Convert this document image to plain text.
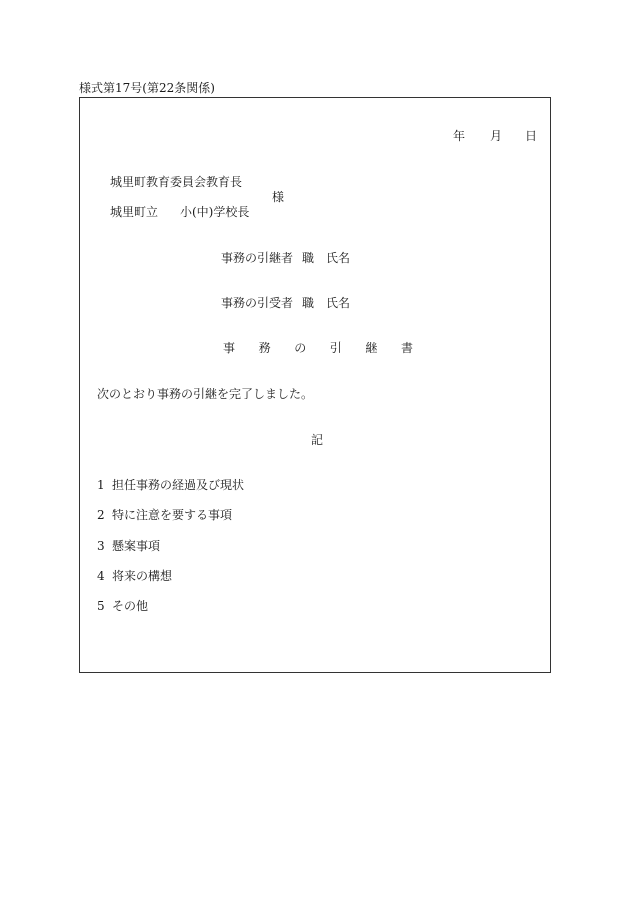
様式第17号(第22条関係)
年 月 日
城里町教育委員会教育長
様
城里町立 小(中)学校長
事務の引継者 職　氏名
事務の引受者 職　氏名
事 務 の 引 継 書
次のとおり事務の引継を完了しました。
記
1 担任事務の経過及び現状
2 特に注意を要する事項
3 懸案事項
4 将来の構想
5 その他
